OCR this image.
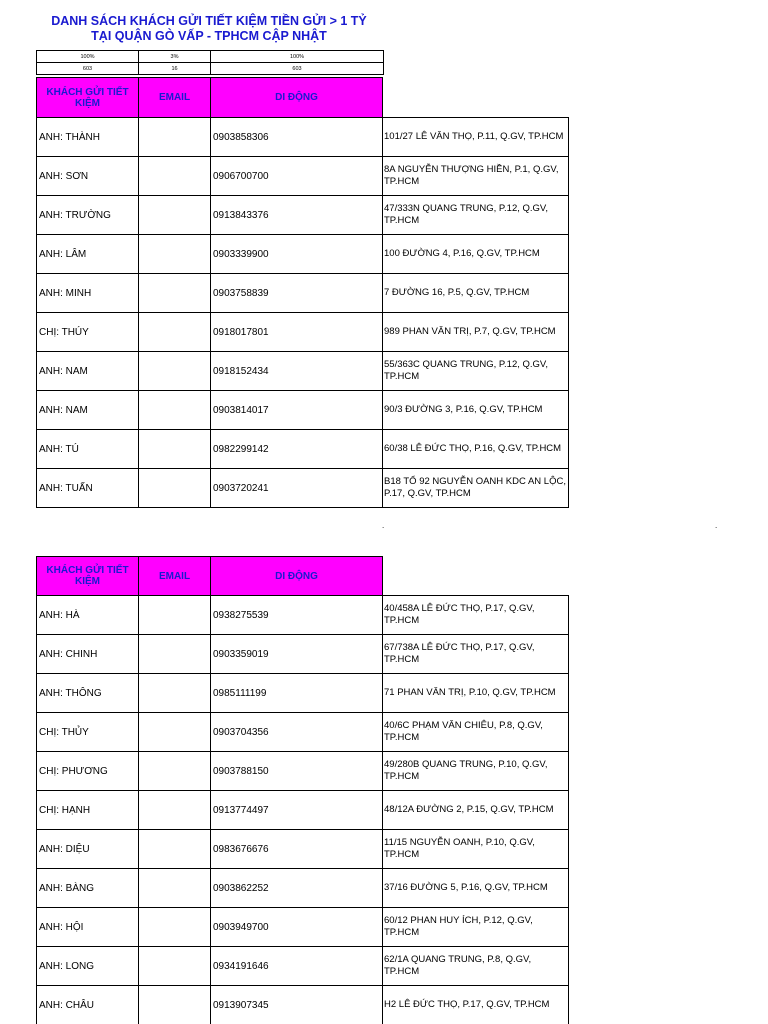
DANH SÁCH KHÁCH GỬI TIẾT KIỆM TIỀN GỬI > 1 TỶ
TẠI QUẬN GÒ VẤP - TPHCM CẬP NHẬT
100%	3%	100%
603	16	603
KHÁCH GỬI TIẾT KIỆM	EMAIL	DI ĐỘNG	
ANH: THÀNH		0903858306	101/27 LÊ VĂN THỌ, P.11, Q.GV, TP.HCM
ANH: SƠN		0906700700	8A NGUYỄN THƯỢNG HIỀN, P.1, Q.GV, TP.HCM
ANH: TRƯỜNG		0913843376	47/333N QUANG TRUNG, P.12, Q.GV, TP.HCM
ANH: LÂM		0903339900	100 ĐƯỜNG 4, P.16, Q.GV, TP.HCM
ANH: MINH		0903758839	7 ĐƯỜNG 16, P.5, Q.GV, TP.HCM
CHỊ: THÚY		0918017801	989 PHAN VĂN TRỊ, P.7, Q.GV, TP.HCM
ANH: NAM		0918152434	55/363C QUANG TRUNG, P.12, Q.GV, TP.HCM
ANH: NAM		0903814017	90/3 ĐƯỜNG 3, P.16, Q.GV, TP.HCM
ANH: TÚ		0982299142	60/38 LÊ ĐỨC THỌ, P.16, Q.GV, TP.HCM
ANH: TUẤN		0903720241	B18 TỔ 92 NGUYỄN OANH KDC AN LỘC, P.17, Q.GV, TP.HCM
.	.
KHÁCH GỬI TIẾT KIỆM	EMAIL	DI ĐỘNG	
ANH: HÀ		0938275539	40/458A LÊ ĐỨC THỌ, P.17, Q.GV, TP.HCM
ANH: CHINH		0903359019	67/738A LÊ ĐỨC THỌ, P.17, Q.GV, TP.HCM
ANH: THÔNG		0985111199	71 PHAN VĂN TRỊ, P.10, Q.GV, TP.HCM
CHỊ: THỦY		0903704356	40/6C PHẠM VĂN CHIÊU, P.8, Q.GV, TP.HCM
CHỊ: PHƯƠNG		0903788150	49/280B QUANG TRUNG, P.10, Q.GV, TP.HCM
CHỊ: HẠNH		0913774497	48/12A ĐƯỜNG 2, P.15, Q.GV, TP.HCM
ANH: DIỆU		0983676676	11/15 NGUYỄN OANH, P.10, Q.GV, TP.HCM
ANH: BÀNG		0903862252	37/16 ĐƯỜNG 5, P.16, Q.GV, TP.HCM
ANH: HỘI		0903949700	60/12 PHAN HUY ÍCH, P.12, Q.GV, TP.HCM
ANH: LONG		0934191646	62/1A QUANG TRUNG, P.8, Q.GV, TP.HCM
ANH: CHÂU		0913907345	H2 LÊ ĐỨC THỌ, P.17, Q.GV, TP.HCM
